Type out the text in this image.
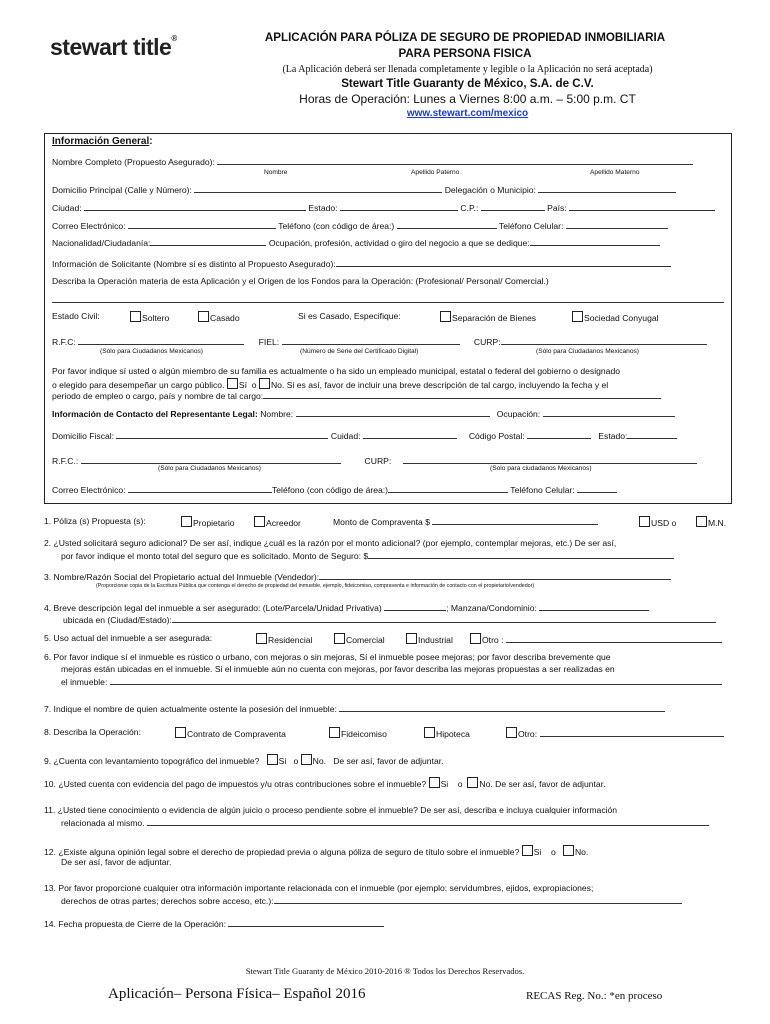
stewart title®	APLICACIÓN PARA PÓLIZA DE SEGURO DE PROPIEDAD INMOBILIARIA
PARA PERSONA FISICA
(La Aplicación deberá ser llenada completamente y legible o la Aplicación no será aceptada)
Stewart Title Guaranty de México, S.A. de C.V.
Horas de Operación: Lunes a Viernes 8:00 a.m. – 5:00 p.m. CT
www.stewart.com/mexico
Información General:
Nombre Completo (Propuesto Asegurado):
Nombre	Apellido Paterno	Apellido Materno
Domicilio Principal (Calle y Número):	Delegación o Municipio:
Ciudad:	Estado:	C.P.:	País:
Correo Electrónico:	Teléfono (con código de área:)	Teléfono Celular:
Nacionalidad/Ciudadanía:	Ocupación, profesión, actividad o giro del negocio a que se dedique:
Información de Solicitante (Nombre si es distinto al Propuesto Asegurado):
Describa la Operación materia de esta Aplicación y el Origen de los Fondos para la Operación: (Profesional/ Personal/ Comercial.)
Estado Civil:	Soltero	Casado	Si es Casado, Especifique:	Separación de Bienes	Sociedad Conyugal
R.F.C:	FIEL:	CURP:
(Sólo para Ciudadanos Mexicanos)	(Número de Serie del Certificado Digital)	(Sólo para Ciudadanos Mexicanos)
Por favor indique sí usted o algún miembro de su familia es actualmente o ha sido un empleado municipal, estatal o federal del gobierno o designado
o elegido para desempeñar un cargo público. Sí o No. Si es así, favor de incluir una breve descripción de tal cargo, incluyendo la fecha y el
periodo de empleo o cargo, país y nombre de tal cargo:
Información de Contacto del Representante Legal: Nombre:	Ocupación:
Domicilio Fiscal:	Cuidad:	Código Postal:	Estado:
R.F.C.:	CURP:
(Sólo para Ciudadanos Mexicanos)	(Solo para ciudadanos Mexicanos)
Correo Electrónico:	Teléfono (con código de área:)	Teléfono Celular:
1. Póliza (s) Propuesta (s):	Propietario	Acreedor	Monto de Compraventa $	USD o	M.N.
2. ¿Usted solicitará seguro adicional? De ser así, indique ¿cuál es la razón por el monto adicional? (por ejemplo, contemplar mejoras, etc.) De ser así,
por favor indique el monto total del seguro que es solicitado. Monto de Seguro: $
3. Nombre/Razón Social del Propietario actual del Inmueble (Vendedor):
(Proporcionar copia de la Escritura Pública que contenga el derecho de propiedad del inmueble, ejemplo, fideicomiso, compraventa e información de contacto con el propietario/vendedor)
4. Breve descripción legal del inmueble a ser asegurado: (Lote/Parcela/Unidad Privativa)	; Manzana/Condominio:
ubicada en (Ciudad/Estado):
5. Uso actual del inmueble a ser asegurada:	Residencial	Comercial	Industrial	Otro :
6. Por favor indique sí el inmueble es rústico o urbano, con mejoras o sin mejoras, Sí el inmueble posee mejoras; por favor describa brevemente que
mejoras están ubicadas en el inmueble. Si el inmueble aún no cuenta con mejoras, por favor describa las mejoras propuestas a ser realizadas en
el inmueble:
7. Indique el nombre de quien actualmente ostente la posesión del inmueble:
8. Describa la Operación:	Contrato de Compraventa	Fideicomiso	Hipoteca	Otro:
9. ¿Cuenta con levantamiento topográfico del inmueble? Si o No. De ser así, favor de adjuntar.
10. ¿Usted cuenta con evidencia del pago de impuestos y/u otras contribuciones sobre el inmueble? Si o No. De ser así, favor de adjuntar.
11. ¿Usted tiene conocimiento o evidencia de algún juicio o proceso pendiente sobre el inmueble? De ser así, describa e incluya cualquier información
relacionada al mismo.
12. ¿Existe alguna opinión legal sobre el derecho de propiedad previa o alguna póliza de seguro de título sobre el inmueble? Si o No.
De ser así, favor de adjuntar.
13. Por favor proporcione cualquier otra información importante relacionada con el inmueble (por ejemplo: servidumbres, ejidos, expropiaciones;
derechos de otras partes; derechos sobre acceso, etc.):
14. Fecha propuesta de Cierre de la Operación:
Stewart Title Guaranty de México 2010-2016 ® Todos los Derechos Reservados.
Aplicación– Persona Física– Español 2016	RECAS Reg. No.: *en proceso
